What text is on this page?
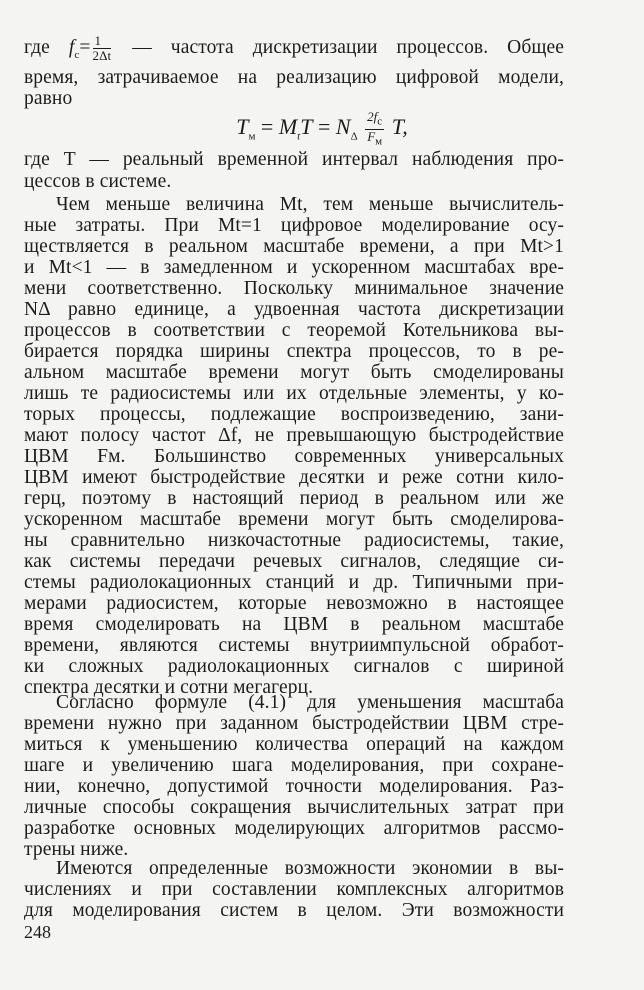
где $f_c= \frac{1}{2\Delta t}$ — частота дискретизации процессов. Общее
время, затрачиваемое на реализацию цифровой модели,
равно
$T_м = M_tT = N_\Delta \frac{2f_c}{F_м} T$,
где T — реальный временной интервал наблюдения про-
цессов в системе.
Чем меньше величина Mt, тем меньше вычислитель-
ные затраты. При Mt=1 цифровое моделирование осу-
ществляется в реальном масштабе времени, а при Mt>1
и Mt<1 — в замедленном и ускоренном масштабах вре-
мени соответственно. Поскольку минимальное значение
NΔ равно единице, а удвоенная частота дискретизации
процессов в соответствии с теоремой Котельникова вы-
бирается порядка ширины спектра процессов, то в ре-
альном масштабе времени могут быть смоделированы
лишь те радиосистемы или их отдельные элементы, у ко-
торых процессы, подлежащие воспроизведению, зани-
мают полосу частот Δf, не превышающую быстродействие
ЦВМ Fм. Большинство современных универсальных
ЦВМ имеют быстродействие десятки и реже сотни кило-
герц, поэтому в настоящий период в реальном или же
ускоренном масштабе времени могут быть смоделирова-
ны сравнительно низкочастотные радиосистемы, такие,
как системы передачи речевых сигналов, следящие си-
стемы радиолокационных станций и др. Типичными при-
мерами радиосистем, которые невозможно в настоящее
время смоделировать на ЦВМ в реальном масштабе
времени, являются системы внутриимпульсной обработ-
ки сложных радиолокационных сигналов с шириной
спектра десятки и сотни мегагерц.
Согласно формуле (4.1) для уменьшения масштаба
времени нужно при заданном быстродействии ЦВМ стре-
миться к уменьшению количества операций на каждом
шаге и увеличению шага моделирования, при сохране-
нии, конечно, допустимой точности моделирования. Раз-
личные способы сокращения вычислительных затрат при
разработке основных моделирующих алгоритмов рассмо-
трены ниже.
Имеются определенные возможности экономии в вы-
числениях и при составлении комплексных алгоритмов
для моделирования систем в целом. Эти возможности
248
